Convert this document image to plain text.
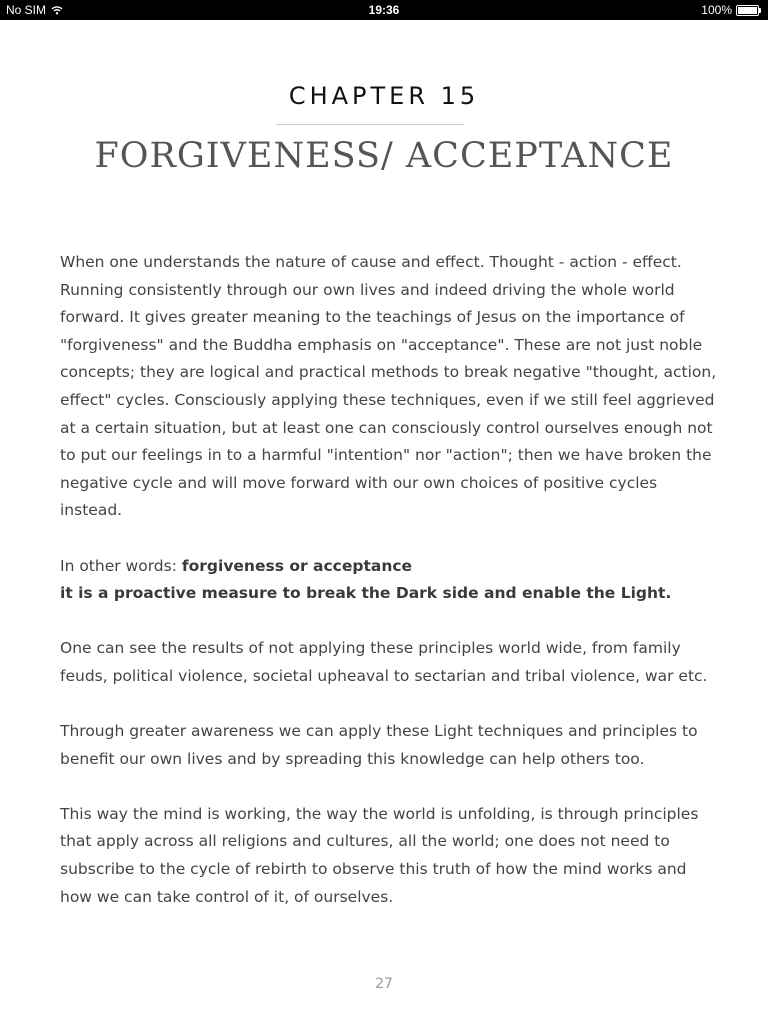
No SIM	19:36	100%
CHAPTER 15
FORGIVENESS/ ACCEPTANCE

When one understands the nature of cause and effect. Thought - action - effect. Running consistently through our own lives and indeed driving the whole world forward. It gives greater meaning to the teachings of Jesus on the importance of "forgiveness" and the Buddha emphasis on "acceptance". These are not just noble concepts; they are logical and practical methods to break negative "thought, action, effect" cycles. Consciously applying these techniques, even if we still feel aggrieved at a certain situation, but at least one can consciously control ourselves enough not to put our feelings in to a harmful "intention" nor "action"; then we have broken the negative cycle and will move forward with our own choices of positive cycles instead.

In other words: forgiveness or acceptance
it is a proactive measure to break the Dark side and enable the Light.

One can see the results of not applying these principles world wide, from family feuds, political violence, societal upheaval to sectarian and tribal violence, war etc.

Through greater awareness we can apply these Light techniques and principles to benefit our own lives and by spreading this knowledge can help others too.

This way the mind is working, the way the world is unfolding, is through principles that apply across all religions and cultures, all the world; one does not need to subscribe to the cycle of rebirth to observe this truth of how the mind works and how we can take control of it, of ourselves.

27
